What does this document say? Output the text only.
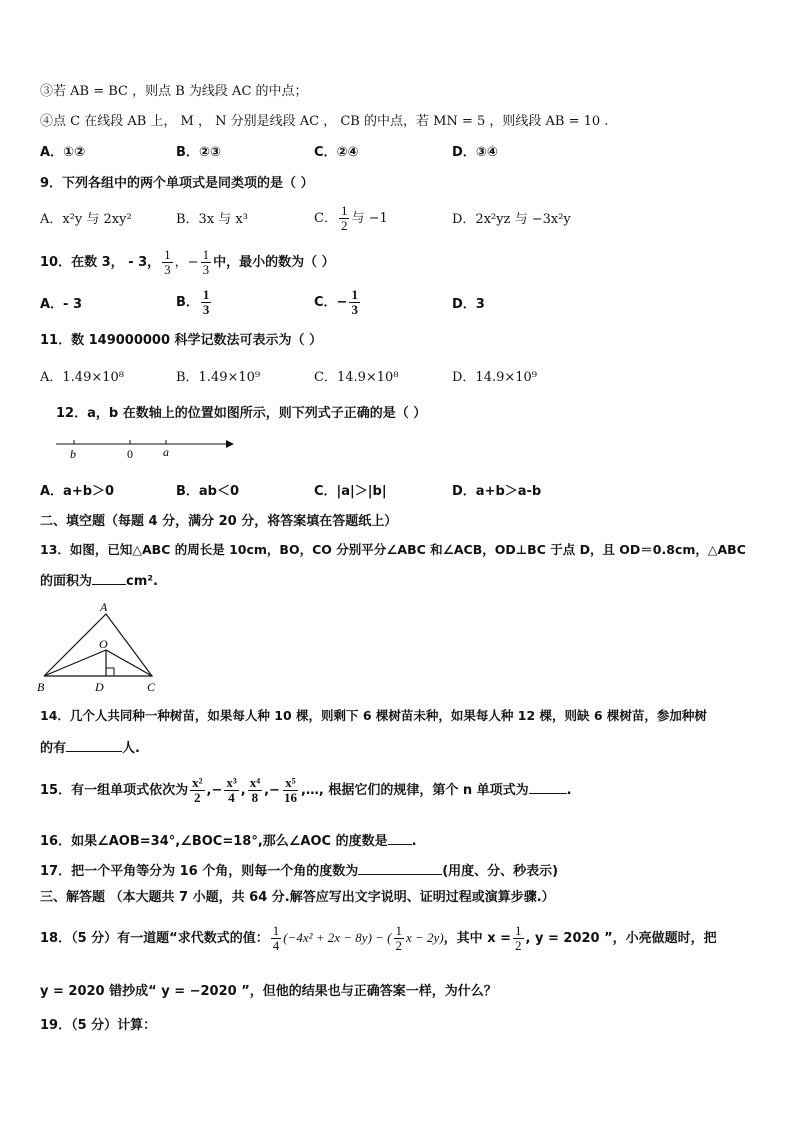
③若 AB = BC ，则点 B 为线段 AC 的中点；
④点 C 在线段 AB 上， M ， N 分别是线段 AC ， CB 的中点，若 MN = 5 ，则线段 AB = 10 .
A．①②	B．②③	C．②④	D．③④
9．下列各组中的两个单项式是同类项的是（ ）
A．x²y 与 2xy²	B．3x 与 x³	C． $\frac{1}{2}$ 与 −1	D．2x²yz 与 −3x²y
10．在数 3， - 3， $\frac{1}{3}$ ，− $\frac{1}{3}$ 中，最小的数为（ ）
A．- 3	B． $\frac{1}{3}$	C．− $\frac{1}{3}$	D．3
11．数 149000000 科学记数法可表示为（ ）
A．1.49×10⁸	B．1.49×10⁹	C．14.9×10⁸	D．14.9×10⁹
12．a，b 在数轴上的位置如图所示，则下列式子正确的是（ ）
b	0	a
A．a+b＞0	B．ab＜0	C．|a|＞|b|	D．a+b＞a-b
二、填空题（每题 4 分，满分 20 分，将答案填在答题纸上）
13．如图，已知△ABC 的周长是 10cm，BO，CO 分别平分∠ABC 和∠ACB，OD⊥BC 于点 D，且 OD＝0.8cm，△ABC
的面积为	cm².
A
O
B	D	C
14．几个人共同种一种树苗，如果每人种 10 棵，则剩下 6 棵树苗未种，如果每人种 12 棵，则缺 6 棵树苗，参加种树
的有	人.
15．有一组单项式依次为 $\frac{\text{x²}}{2}$ ,− $\frac{\text{x³}}{4}$ , $\frac{\text{x⁴}}{8}$ ,− $\frac{\text{x⁵}}{16}$ ,…, 根据它们的规律，第个 n 单项式为	.
16．如果∠AOB=34°,∠BOC=18°,那么∠AOC 的度数是 .
17．把一个平角等分为 16 个角，则每一个角的度数为	(用度、分、秒表示)
三、解答题 （本大题共 7 小题，共 64 分.解答应写出文字说明、证明过程或演算步骤.）
18．（5 分）有一道题“求代数式的值： $\frac{1}{4} (-4x^2 + 2x - 8y)$ − ( $\frac{1}{2}$ x − 2y)，其中 $x = \frac{1}{2}$ , y = 2020 ”，小亮做题时，把
y = 2020 错抄成“ y = −2020 ”，但他的结果也与正确答案一样，为什么？
19．（5 分）计算：
